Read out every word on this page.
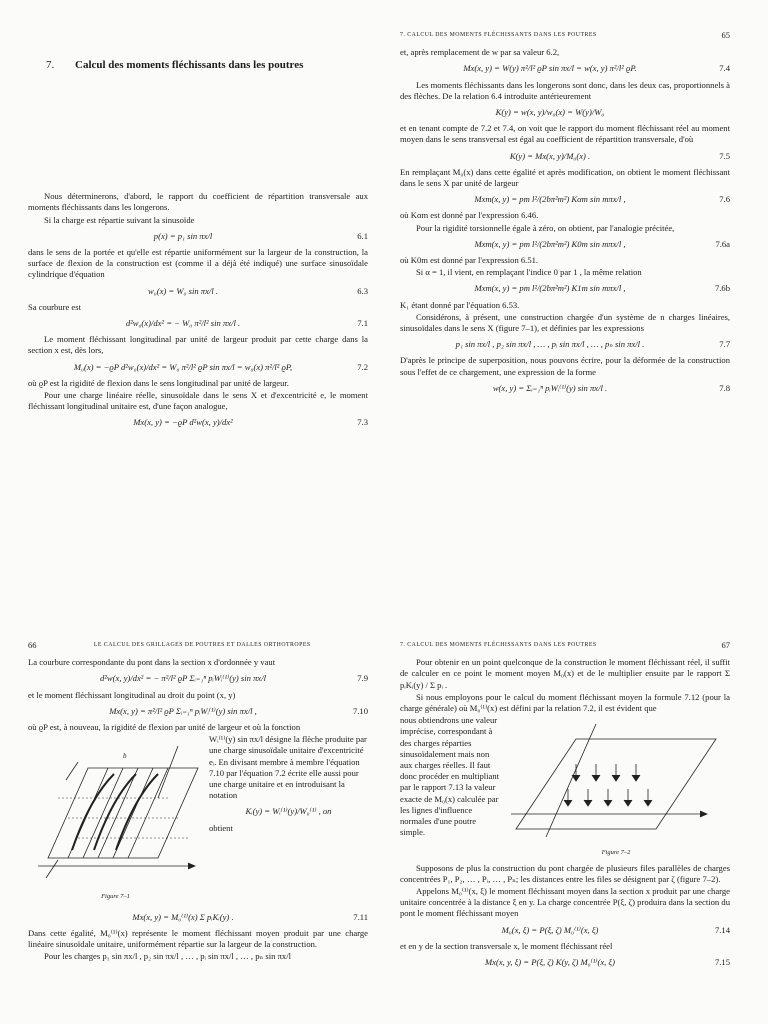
7. Calcul des moments fléchissants dans les poutres

Nous déterminerons, d'abord, le rapport du coefficient de répartition transversale aux moments fléchissants dans les longerons.

Si la charge est répartie suivant la sinusoïde

p(x) = p₁ sin πx/l	6.1

dans le sens de la portée et qu'elle est répartie uniformément sur la largeur de la construction, la surface de flexion de la construction est (comme il a déjà été indiqué) une surface sinusoïdale cylindrique d'équation

w₀(x) = W₀ sin πx/l .	6.3

Sa courbure est

d²w₀(x)/dx² = − W₀ π²/l² sin πx/l .	7.1

Le moment fléchissant longitudinal par unité de largeur produit par cette charge dans la section x est, dès lors,

M₀(x) = −ϱP d²w₀(x)/dx² = W₀ π²/l² ϱP sin πx/l = w₀(x) π²/l² ϱP,	7.2

où ϱP est la rigidité de flexion dans le sens longitudinal par unité de largeur.

Pour une charge linéaire réelle, sinusoïdale dans le sens X et d'excentricité e, le moment fléchissant longitudinal unitaire est, d'une façon analogue,

Mx(x, y) = −ϱP d²w(x, y)/dx²	7.3
7. CALCUL DES MOMENTS FLÉCHISSANTS DANS LES POUTRES	65

et, après remplacement de w par sa valeur 6.2,

Mx(x, y) = W(y) π²/l² ϱP sin πx/l = w(x, y) π²/l² ϱP.	7.4

Les moments fléchissants dans les longerons sont donc, dans les deux cas, proportionnels à des flèches. De la relation 6.4 introduite antérieurement

K(y) = w(x, y)/w₀(x) = W(y)/W₀

et en tenant compte de 7.2 et 7.4, on voit que le rapport du moment fléchissant réel au moment moyen dans le sens transversal est égal au coefficient de répartition transversale, d'où

K(y) = Mx(x, y)/M₀(x) .	7.5

En remplaçant M₀(x) dans cette égalité et après modification, on obtient le moment fléchissant dans le sens X par unité de largeur

Mxm(x, y) = pm l²/(2bπ²m²) Kαm sin mπx/l ,	7.6

où Kαm est donné par l'expression 6.46.

Pour la rigidité torsionnelle égale à zéro, on obtient, par l'analogie précitée,

Mxm(x, y) = pm l²/(2bπ²m²) K0m sin mπx/l ,	7.6a

où K0m est donné par l'expression 6.51.

Si α = 1, il vient, en remplaçant l'indice 0 par 1 , la même relation

Mxm(x, y) = pm l²/(2bπ²m²) K1m sin mπx/l ,	7.6b

K₁ étant donné par l'équation 6.53.

Considérons, à présent, une construction chargée d'un système de n charges linéaires, sinusoïdales dans le sens X (figure 7–1), et définies par les expressions

p₁ sin πx/l , p₂ sin πx/l , … , pᵢ sin πx/l , … , pₙ sin πx/l .	7.7

D'après le principe de superposition, nous pouvons écrire, pour la déformée de la construction sous l'effet de ce chargement, une expression de la forme

w(x, y) = Σᵢ₌₁ⁿ pᵢWᵢ⁽¹⁾(y) sin πx/l .	7.8
66	LE CALCUL DES GRILLAGES DE POUTRES ET DALLES ORTHOTROPES

La courbure correspondante du pont dans la section x d'ordonnée y vaut

d²w(x, y)/dx² = − π²/l² ϱP Σᵢ₌₁ⁿ pᵢWᵢ⁽¹⁾(y) sin πx/l	7.9

et le moment fléchissant longitudinal au droit du point (x, y)

Mx(x, y) = π²/l² ϱP Σᵢ₌₁ⁿ pᵢWᵢ⁽¹⁾(y) sin πx/l ,	7.10

où ϱP est, à nouveau, la rigidité de flexion par unité de largeur et où la fonction

b
Figure 7–1

Wᵢ⁽¹⁾(y) sin πx/l désigne la flèche produite par une charge sinusoïdale unitaire d'excentricité eᵢ. En divisant membre à membre l'équation 7.10 par l'équation 7.2 écrite elle aussi pour une charge unitaire et en introduisant la notation

Kᵢ(y) = Wᵢ⁽¹⁾(y)/W₀⁽¹⁾ , on

obtient

Mx(x, y) = M₀⁽¹⁾(x) Σ pᵢKᵢ(y) .	7.11

Dans cette égalité, M₀⁽¹⁾(x) représente le moment fléchissant moyen produit par une charge linéaire sinusoïdale unitaire, uniformément répartie sur la largeur de la construction.

Pour les charges p₁ sin πx/l , p₂ sin πx/l , … , pᵢ sin πx/l , … , pₙ sin πx/l

7. CALCUL DES MOMENTS FLÉCHISSANTS DANS LES POUTRES	67

Pour obtenir en un point quelconque de la construction le moment fléchissant réel, il suffit de calculer en ce point le moment moyen M₀(x) et de le multiplier ensuite par le rapport Σ pᵢKᵢ(y) / Σ pᵢ .

Si nous employons pour le calcul du moment fléchissant moyen la formule 7.12 (pour la charge générale) où M₀⁽¹⁾(x) est défini par la relation 7.2, il est évident que

nous obtiendrons une valeur imprécise, correspondant à des charges réparties sinusoïdalement mais non aux charges réelles. Il faut donc procéder en multipliant par le rapport 7.13 la valeur exacte de M₀(x) calculée par les lignes d'influence normales d'une poutre simple.

Figure 7–2

Supposons de plus la construction du pont chargée de plusieurs files parallèles de charges concentrées P₁, P₂, … , Pᵢ, … , Pₙ; les distances entre les files se désignent par ζ (figure 7–2).

Appelons M₀⁽¹⁾(x, ξ) le moment fléchissant moyen dans la section x produit par une charge unitaire concentrée à la distance ξ en y. La charge concentrée P(ξ, ζ) produira dans la section du pont le moment fléchissant moyen

M₀(x, ξ) = P(ξ, ζ) M₀⁽¹⁾(x, ξ)	7.14

et en y de la section transversale x, le moment fléchissant réel

Mx(x, y, ξ) = P(ξ, ζ) K(y, ζ) M₀⁽¹⁾(x, ξ)	7.15
